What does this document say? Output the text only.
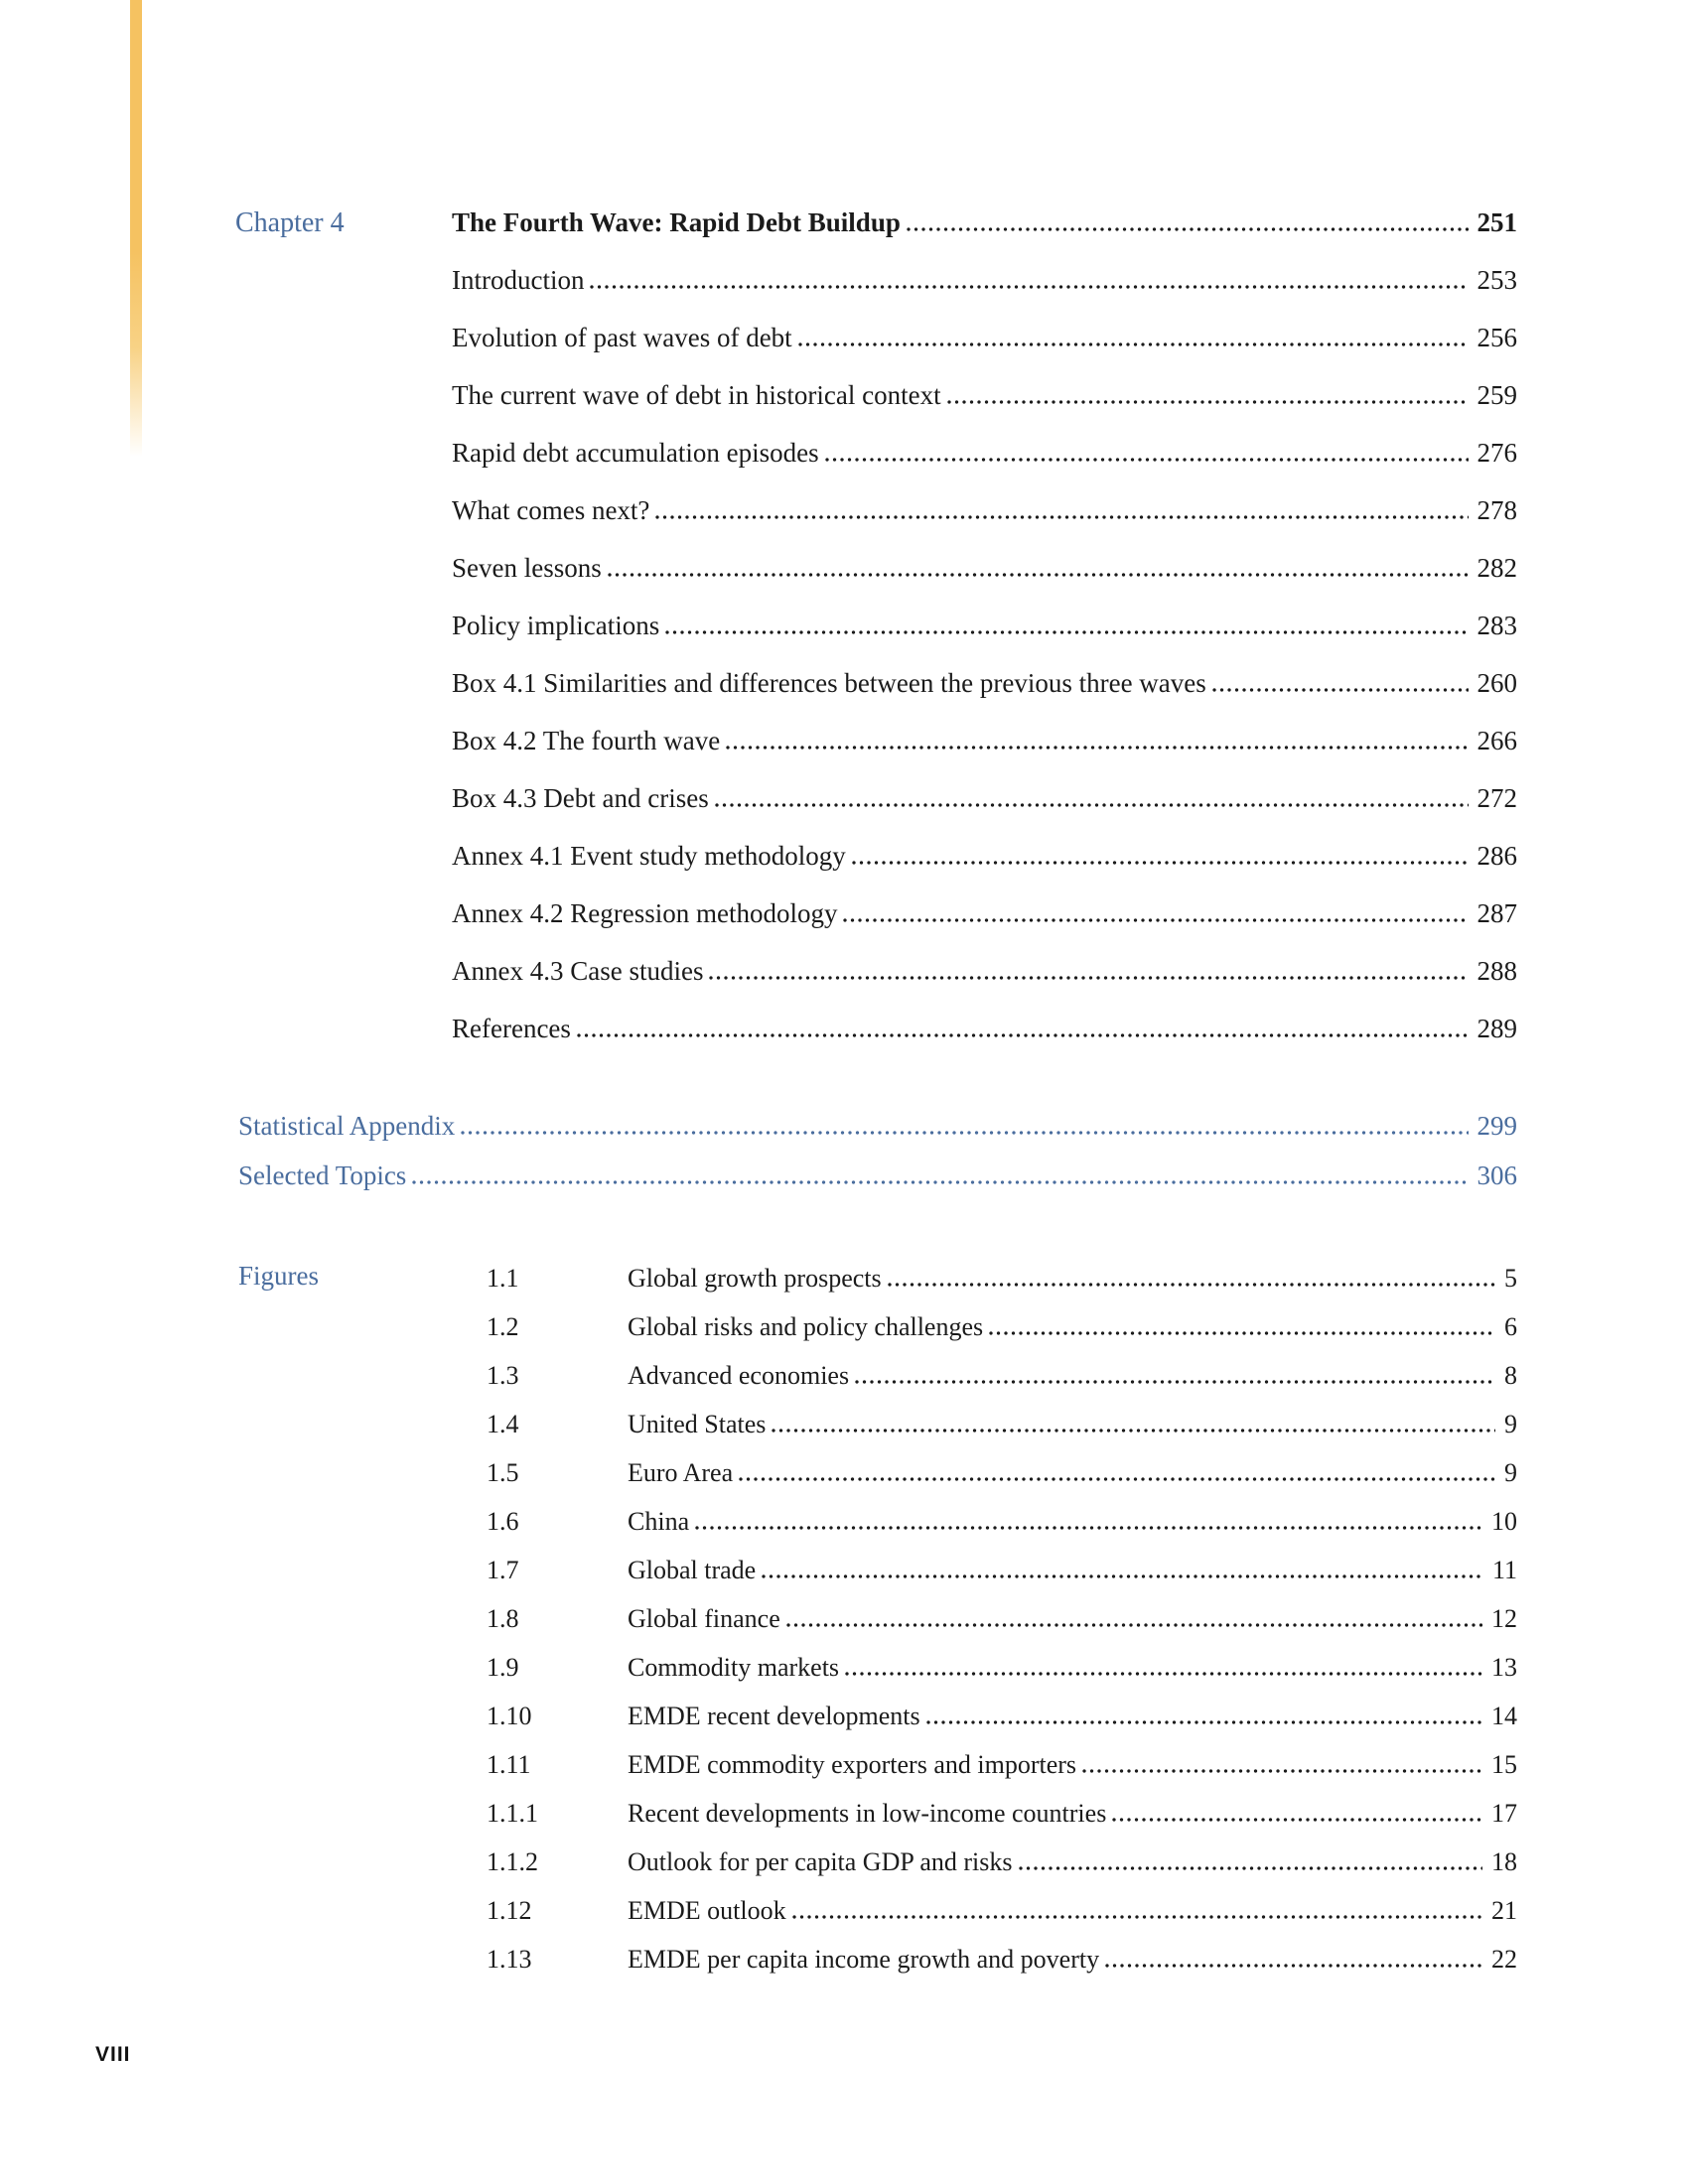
Chapter 4	The Fourth Wave: Rapid Debt Buildup	251
Introduction	253
Evolution of past waves of debt	256
The current wave of debt in historical context	259
Rapid debt accumulation episodes	276
What comes next?	278
Seven lessons	282
Policy implications	283
Box 4.1 Similarities and differences between the previous three waves	260
Box 4.2 The fourth wave	266
Box 4.3 Debt and crises	272
Annex 4.1 Event study methodology	286
Annex 4.2 Regression methodology	287
Annex 4.3 Case studies	288
References	289
Statistical Appendix	299
Selected Topics	306
Figures	1.1	Global growth prospects	5
1.2	Global risks and policy challenges	6
1.3	Advanced economies	8
1.4	United States	9
1.5	Euro Area	9
1.6	China	10
1.7	Global trade	11
1.8	Global finance	12
1.9	Commodity markets	13
1.10	EMDE recent developments	14
1.11	EMDE commodity exporters and importers	15
1.1.1	Recent developments in low-income countries	17
1.1.2	Outlook for per capita GDP and risks	18
1.12	EMDE outlook	21
1.13	EMDE per capita income growth and poverty	22
VIII
